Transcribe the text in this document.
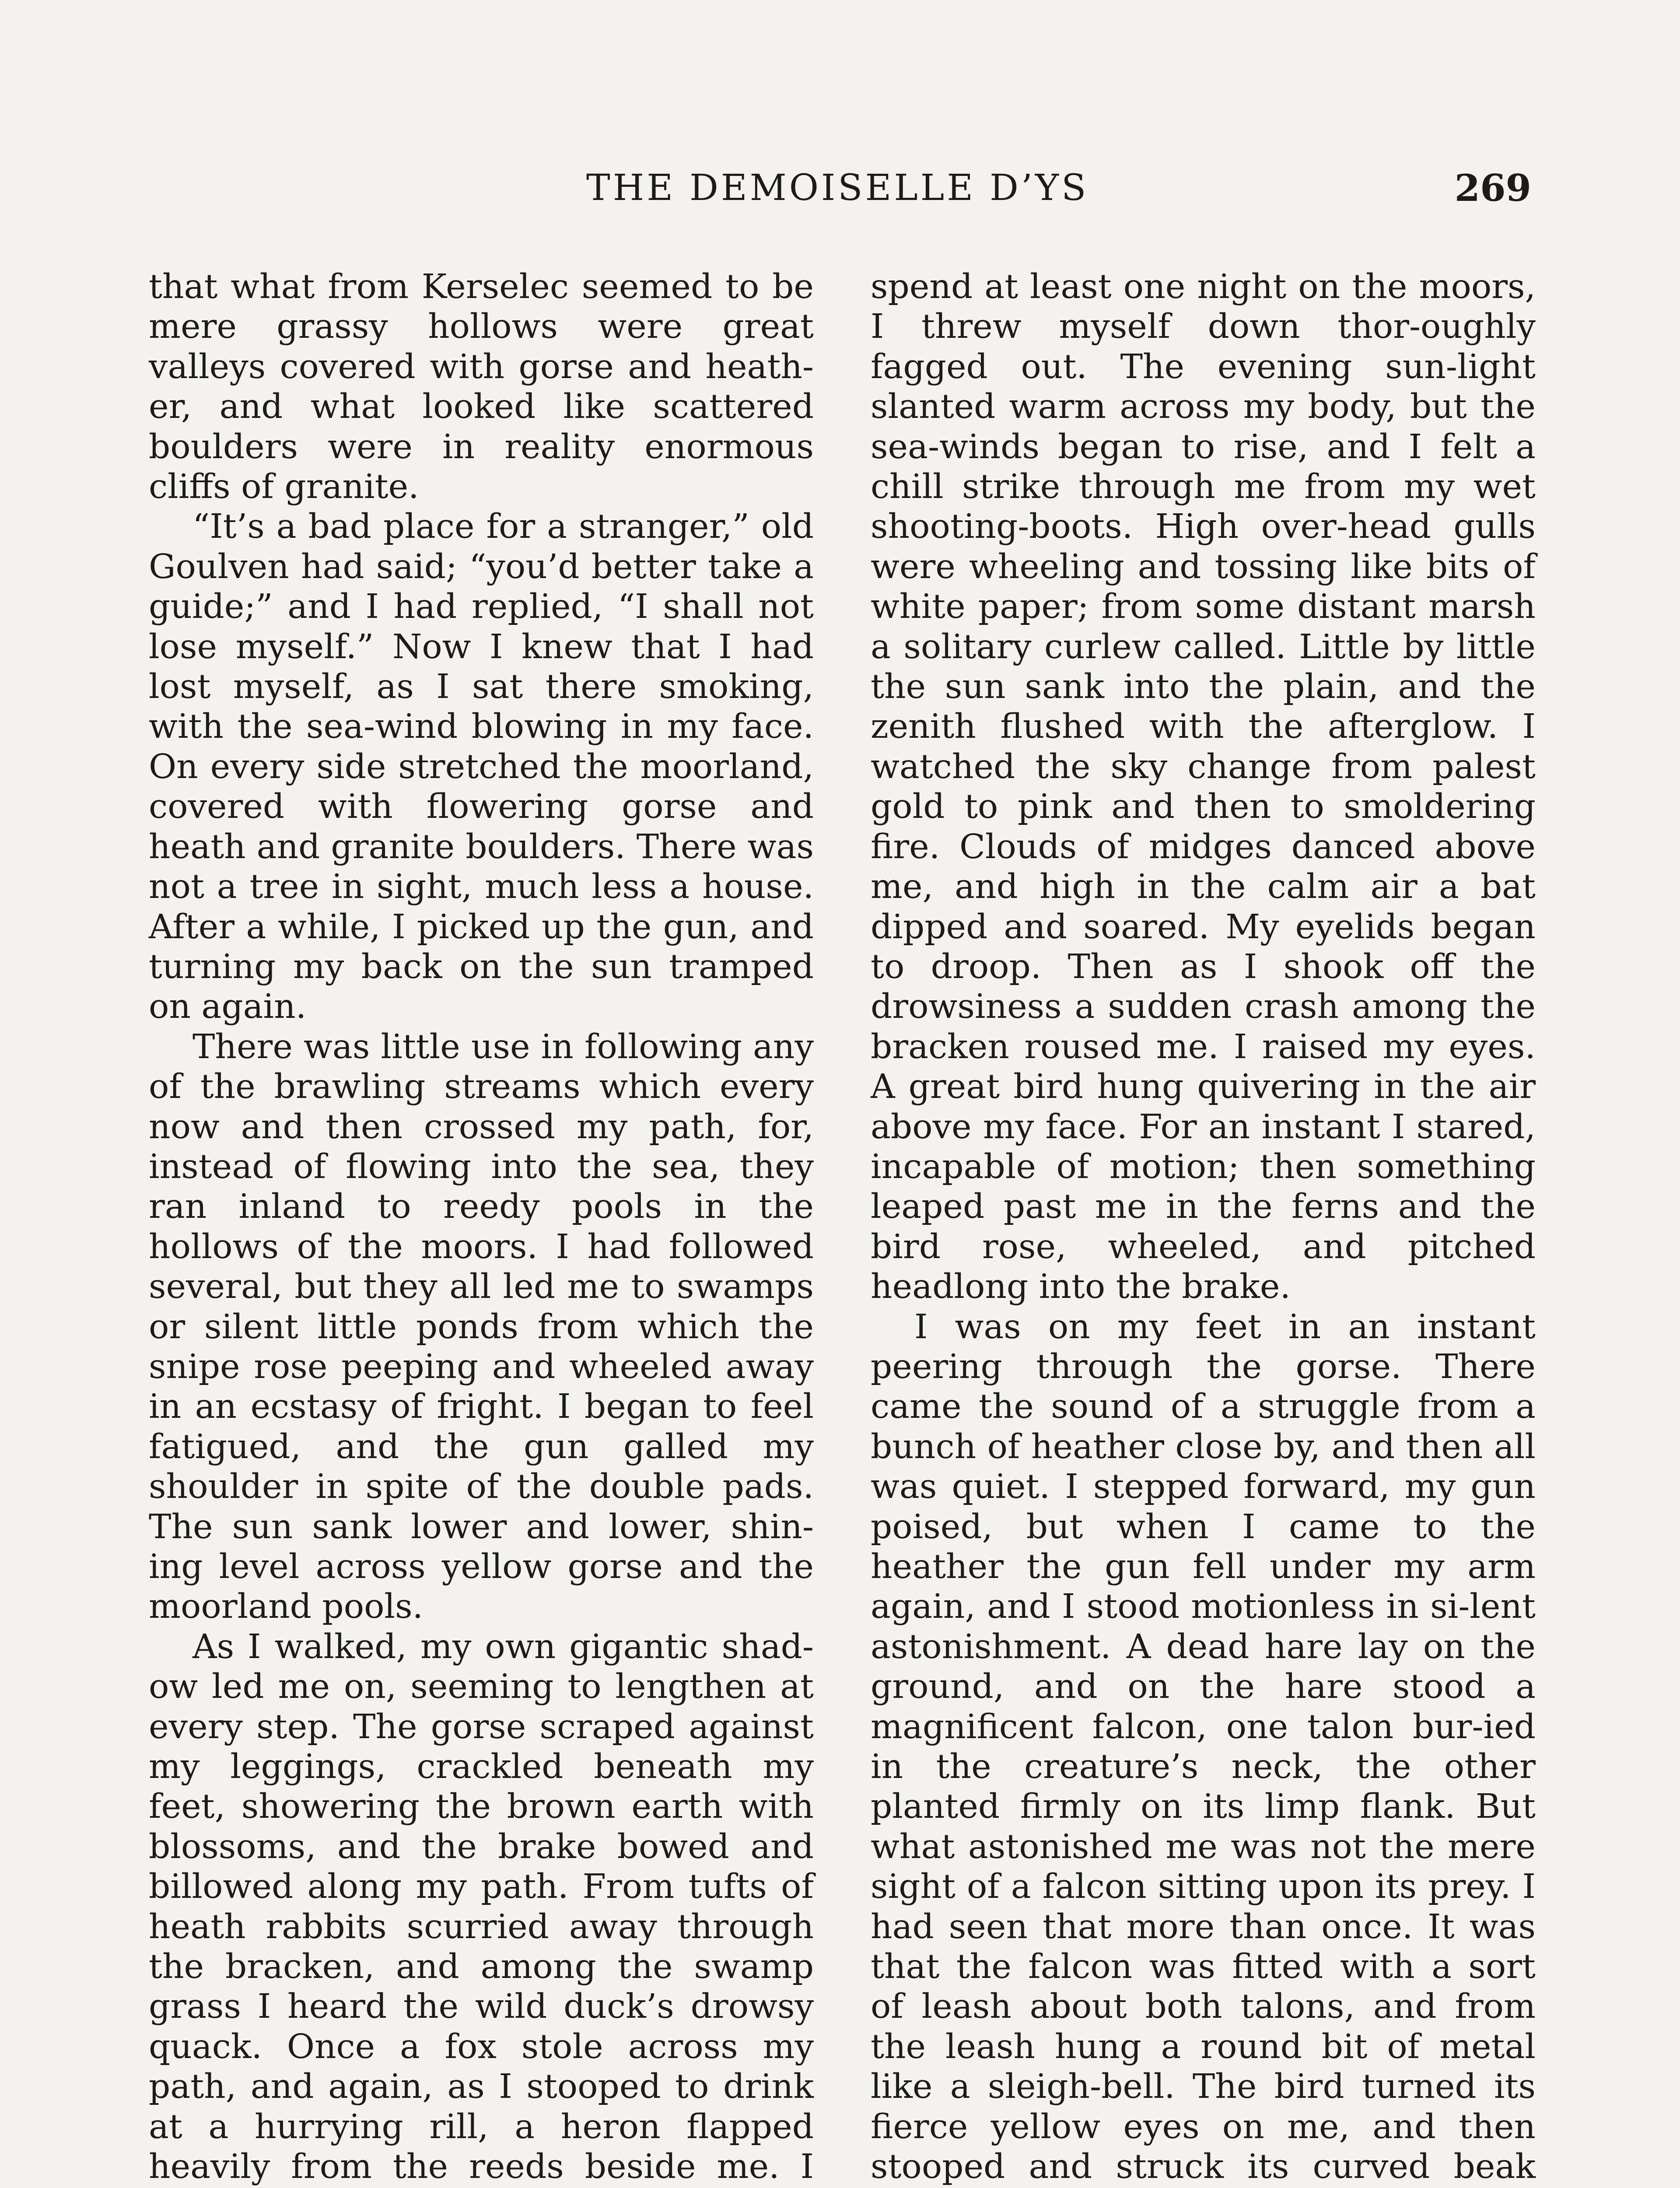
THE DEMOISELLE D’YS	269

that what from Kerselec seemed to be mere grassy hollows were great valleys covered with gorse and heath-er, and what looked like scattered boulders were in reality enormous cliffs of granite.

“It’s a bad place for a stranger,” old Goulven had said; “you’d better take a guide;” and I had replied, “I shall not lose myself.” Now I knew that I had lost myself, as I sat there smoking, with the sea-wind blowing in my face. On every side stretched the moorland, covered with flowering gorse and heath and granite boulders. There was not a tree in sight, much less a house. After a while, I picked up the gun, and turning my back on the sun tramped on again.

There was little use in following any of the brawling streams which every now and then crossed my path, for, instead of flowing into the sea, they ran inland to reedy pools in the hollows of the moors. I had followed several, but they all led me to swamps or silent little ponds from which the snipe rose peeping and wheeled away in an ecstasy of fright. I began to feel fatigued, and the gun galled my shoulder in spite of the double pads. The sun sank lower and lower, shin-ing level across yellow gorse and the moorland pools.

As I walked, my own gigantic shad-ow led me on, seeming to lengthen at every step. The gorse scraped against my leggings, crackled beneath my feet, showering the brown earth with blossoms, and the brake bowed and billowed along my path. From tufts of heath rabbits scurried away through the bracken, and among the swamp grass I heard the wild duck’s drowsy quack. Once a fox stole across my path, and again, as I stooped to drink at a hurrying rill, a heron flapped heavily from the reeds beside me. I

spend at least one night on the moors, I threw myself down thor-oughly fagged out. The evening sun-light slanted warm across my body, but the sea-winds began to rise, and I felt a chill strike through me from my wet shooting-boots. High over-head gulls were wheeling and tossing like bits of white paper; from some distant marsh a solitary curlew called. Little by little the sun sank into the plain, and the zenith flushed with the afterglow. I watched the sky change from palest gold to pink and then to smoldering fire. Clouds of midges danced above me, and high in the calm air a bat dipped and soared. My eyelids began to droop. Then as I shook off the drowsiness a sudden crash among the bracken roused me. I raised my eyes. A great bird hung quivering in the air above my face. For an instant I stared, incapable of motion; then something leaped past me in the ferns and the bird rose, wheeled, and pitched headlong into the brake.

I was on my feet in an instant peering through the gorse. There came the sound of a struggle from a bunch of heather close by, and then all was quiet. I stepped forward, my gun poised, but when I came to the heather the gun fell under my arm again, and I stood motionless in si-lent astonishment. A dead hare lay on the ground, and on the hare stood a magnificent falcon, one talon bur-ied in the creature’s neck, the other planted firmly on its limp flank. But what astonished me was not the mere sight of a falcon sitting upon its prey. I had seen that more than once. It was that the falcon was fitted with a sort of leash about both talons, and from the leash hung a round bit of metal like a sleigh-bell. The bird turned its fierce yellow eyes on me, and then stooped and struck its curved beak
